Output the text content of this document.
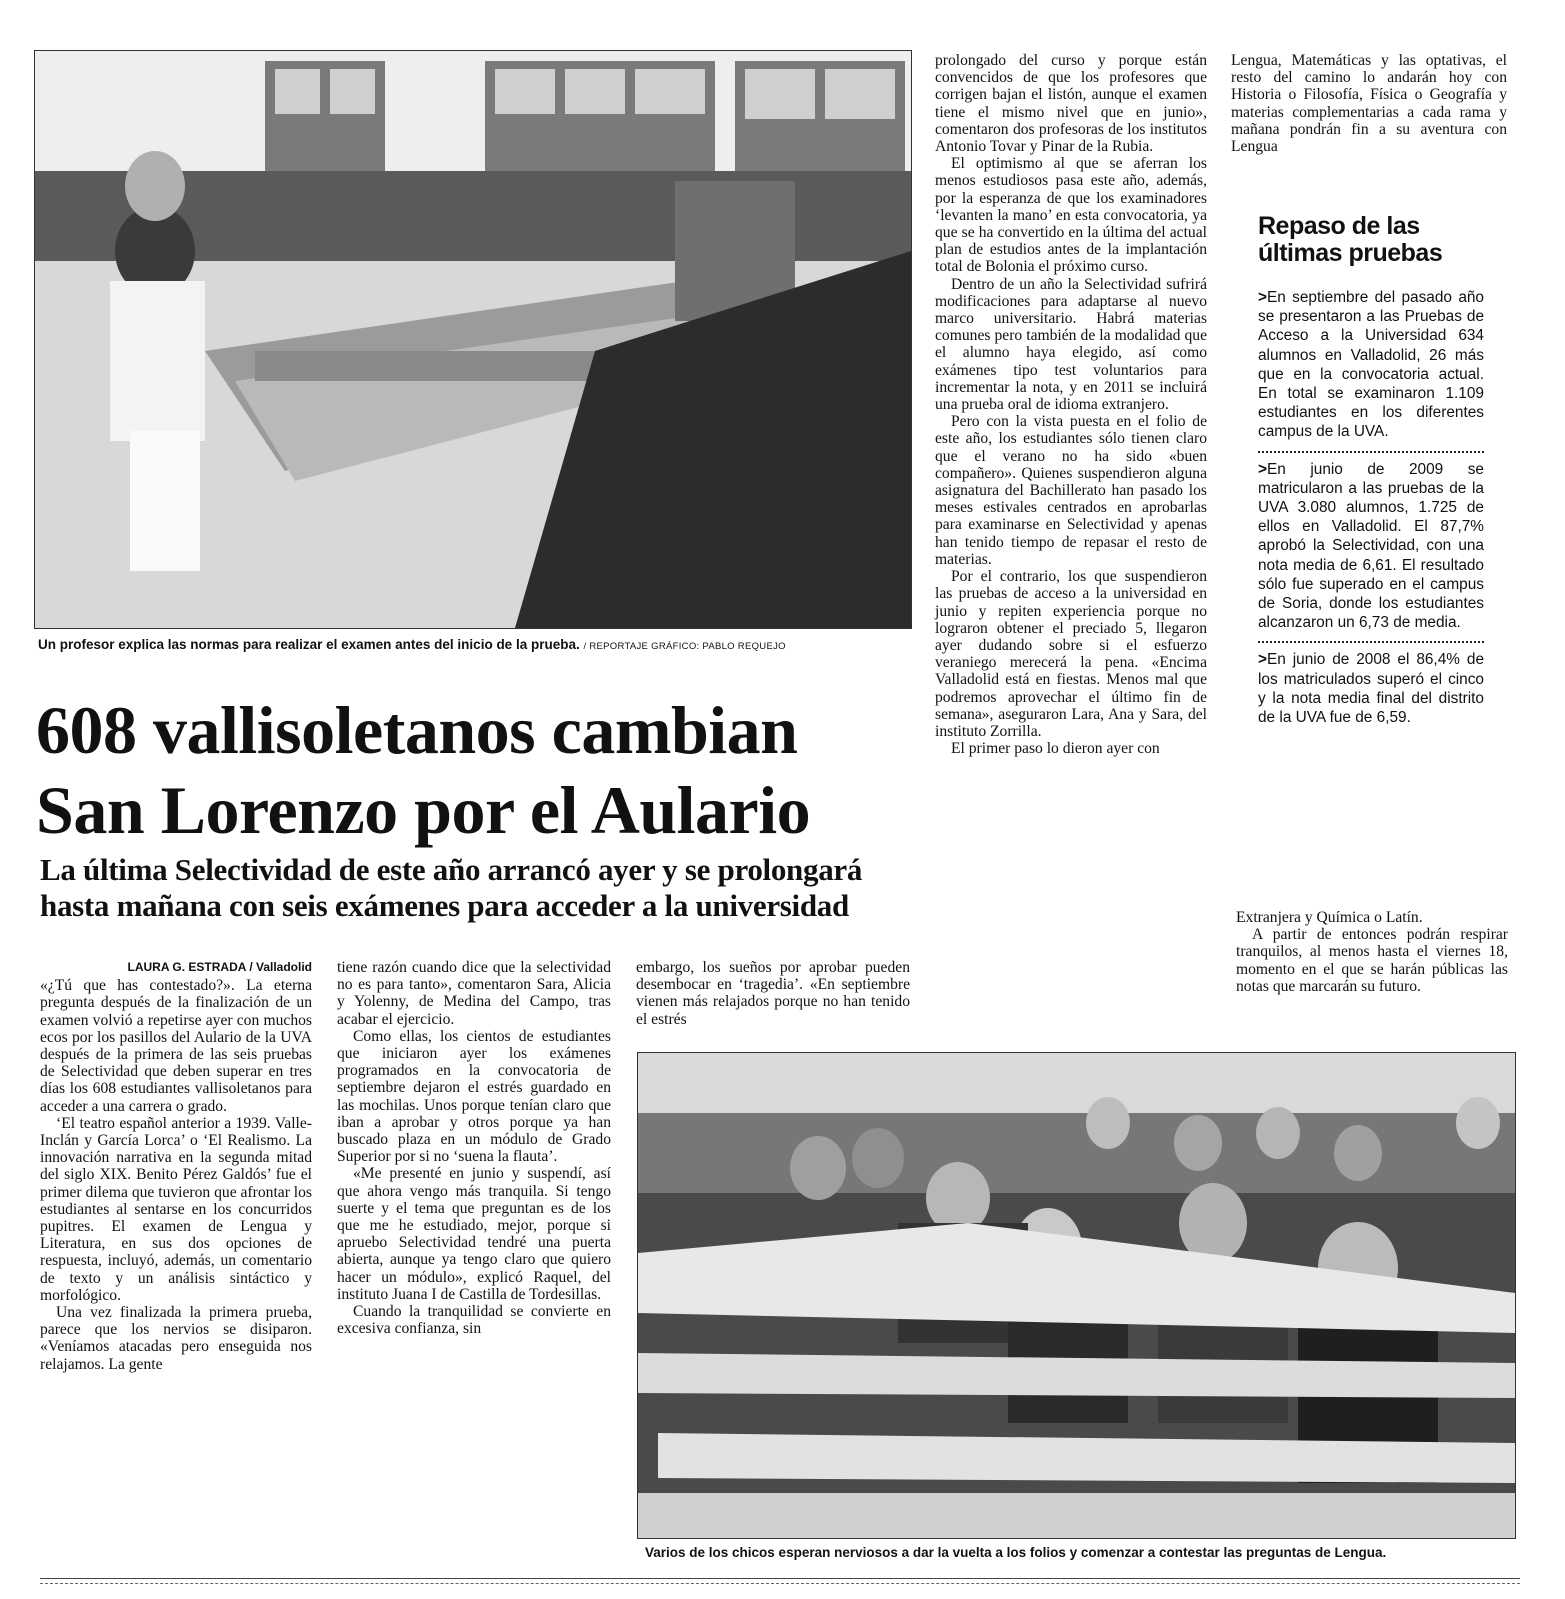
Un profesor explica las normas para realizar el examen antes del inicio de la prueba. / REPORTAJE GRÁFICO: PABLO REQUEJO
608 vallisoletanos cambian
San Lorenzo por el Aulario
La última Selectividad de este año arrancó ayer y se prolongará
hasta mañana con seis exámenes para acceder a la universidad
LAURA G. ESTRADA / Valladolid

«¿Tú que has contestado?». La eterna pregunta después de la finalización de un examen volvió a repetirse ayer con muchos ecos por los pasillos del Aulario de la UVA después de la primera de las seis pruebas de Selectividad que deben superar en tres días los 608 estudiantes vallisoletanos para acceder a una carrera o grado.

‘El teatro español anterior a 1939. Valle-Inclán y García Lorca’ o ‘El Realismo. La innovación narrativa en la segunda mitad del siglo XIX. Benito Pérez Galdós’ fue el primer dilema que tuvieron que afrontar los estudiantes al sentarse en los concurridos pupitres. El examen de Lengua y Literatura, en sus dos opciones de respuesta, incluyó, además, un comentario de texto y un análisis sintáctico y morfológico.

Una vez finalizada la primera prueba, parece que los nervios se disiparon. «Veníamos atacadas pero enseguida nos relajamos. La gente

tiene razón cuando dice que la selectividad no es para tanto», comentaron Sara, Alicia y Yolenny, de Medina del Campo, tras acabar el ejercicio.

Como ellas, los cientos de estudiantes que iniciaron ayer los exámenes programados en la convocatoria de septiembre dejaron el estrés guardado en las mochilas. Unos porque tenían claro que iban a aprobar y otros porque ya han buscado plaza en un módulo de Grado Superior por si no ‘suena la flauta’.

«Me presenté en junio y suspendí, así que ahora vengo más tranquila. Si tengo suerte y el tema que preguntan es de los que me he estudiado, mejor, porque si apruebo Selectividad tendré una puerta abierta, aunque ya tengo claro que quiero hacer un módulo», explicó Raquel, del instituto Juana I de Castilla de Tordesillas.

Cuando la tranquilidad se convierte en excesiva confianza, sin

embargo, los sueños por aprobar pueden desembocar en ‘tragedia’. «En septiembre vienen más relajados porque no han tenido el estrés

prolongado del curso y porque están convencidos de que los profesores que corrigen bajan el listón, aunque el examen tiene el mismo nivel que en junio», comentaron dos profesoras de los institutos Antonio Tovar y Pinar de la Rubia.

El optimismo al que se aferran los menos estudiosos pasa este año, además, por la esperanza de que los examinadores ‘levanten la mano’ en esta convocatoria, ya que se ha convertido en la última del actual plan de estudios antes de la implantación total de Bolonia el próximo curso.

Dentro de un año la Selectividad sufrirá modificaciones para adaptarse al nuevo marco universitario. Habrá materias comunes pero también de la modalidad que el alumno haya elegido, así como exámenes tipo test voluntarios para incrementar la nota, y en 2011 se incluirá una prueba oral de idioma extranjero.

Pero con la vista puesta en el folio de este año, los estudiantes sólo tienen claro que el verano no ha sido «buen compañero». Quienes suspendieron alguna asignatura del Bachillerato han pasado los meses estivales centrados en aprobarlas para examinarse en Selectividad y apenas han tenido tiempo de repasar el resto de materias.

Por el contrario, los que suspendieron las pruebas de acceso a la universidad en junio y repiten experiencia porque no lograron obtener el preciado 5, llegaron ayer dudando sobre si el esfuerzo veraniego merecerá la pena. «Encima Valladolid está en fiestas. Menos mal que podremos aprovechar el último fin de semana», aseguraron Lara, Ana y Sara, del instituto Zorrilla.

El primer paso lo dieron ayer con

Lengua, Matemáticas y las optativas, el resto del camino lo andarán hoy con Historia o Filosofía, Física o Geografía y materias complementarias a cada rama y mañana pondrán fin a su aventura con Lengua

Repaso de las últimas pruebas
>En septiembre del pasado año se presentaron a las Pruebas de Acceso a la Universidad 634 alumnos en Valladolid, 26 más que en la convocatoria actual. En total se examinaron 1.109 estudiantes en los diferentes campus de la UVA.
>En junio de 2009 se matricularon a las pruebas de la UVA 3.080 alumnos, 1.725 de ellos en Valladolid. El 87,7% aprobó la Selectividad, con una nota media de 6,61. El resultado sólo fue superado en el campus de Soria, donde los estudiantes alcanzaron un 6,73 de media.
>En junio de 2008 el 86,4% de los matriculados superó el cinco y la nota media final del distrito de la UVA fue de 6,59.

Extranjera y Química o Latín.

A partir de entonces podrán respirar tranquilos, al menos hasta el viernes 18, momento en el que se harán públicas las notas que marcarán su futuro.

Varios de los chicos esperan nerviosos a dar la vuelta a los folios y comenzar a contestar las preguntas de Lengua.
